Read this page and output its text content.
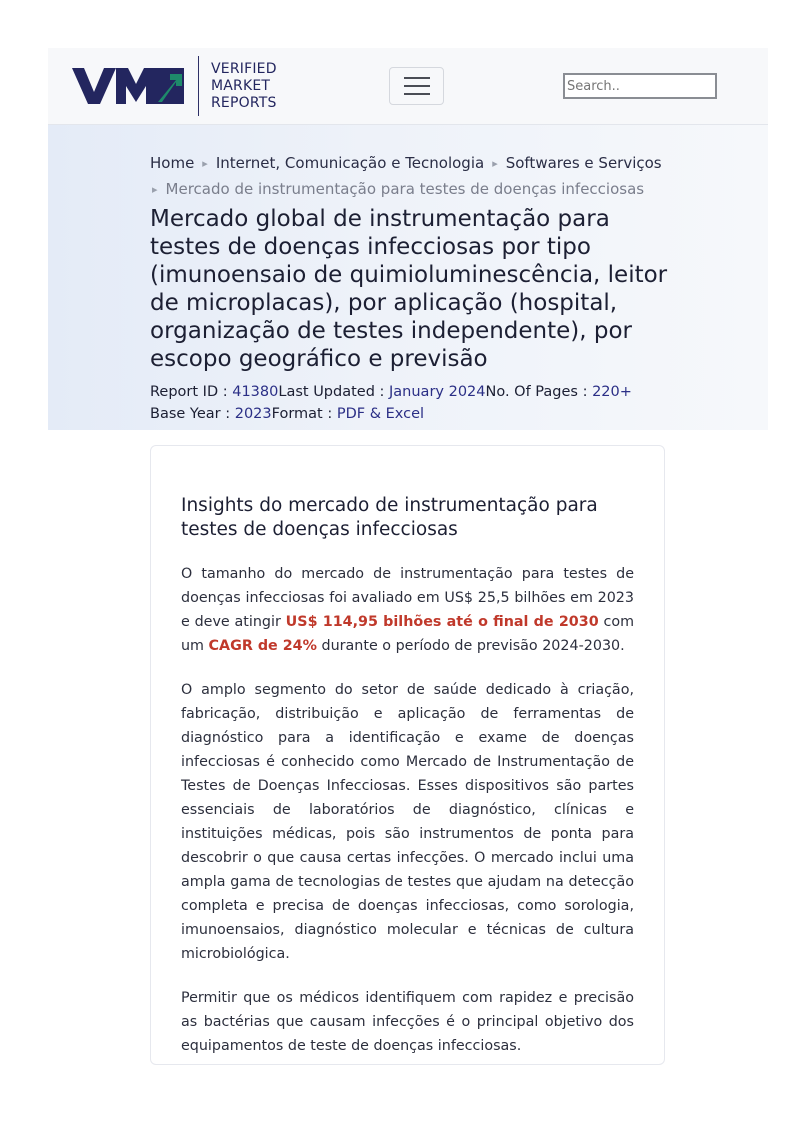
VERIFIED
MARKET
REPORTS
Search..
Home ▸ Internet, Comunicação e Tecnologia ▸ Softwares e Serviços
▸ Mercado de instrumentação para testes de doenças infecciosas
Mercado global de instrumentação para testes de doenças infecciosas por tipo (imunoensaio de quimioluminescência, leitor de microplacas), por aplicação (hospital, organização de testes independente), por escopo geográfico e previsão
Report ID : 41380Last Updated : January 2024No. Of Pages : 220+
Base Year : 2023Format : PDF & Excel
Insights do mercado de instrumentação para testes de doenças infecciosas

O tamanho do mercado de instrumentação para testes de doenças infecciosas foi avaliado em US$ 25,5 bilhões em 2023 e deve atingir US$ 114,95 bilhões até o final de 2030 com um CAGR de 24% durante o período de previsão 2024-2030.

O amplo segmento do setor de saúde dedicado à criação, fabricação, distribuição e aplicação de ferramentas de diagnóstico para a identificação e exame de doenças infecciosas é conhecido como Mercado de Instrumentação de Testes de Doenças Infecciosas. Esses dispositivos são partes essenciais de laboratórios de diagnóstico, clínicas e instituições médicas, pois são instrumentos de ponta para descobrir o que causa certas infecções. O mercado inclui uma ampla gama de tecnologias de testes que ajudam na detecção completa e precisa de doenças infecciosas, como sorologia, imunoensaios, diagnóstico molecular e técnicas de cultura microbiológica.

Permitir que os médicos identifiquem com rapidez e precisão as bactérias que causam infecções é o principal objetivo dos equipamentos de teste de doenças infecciosas.
